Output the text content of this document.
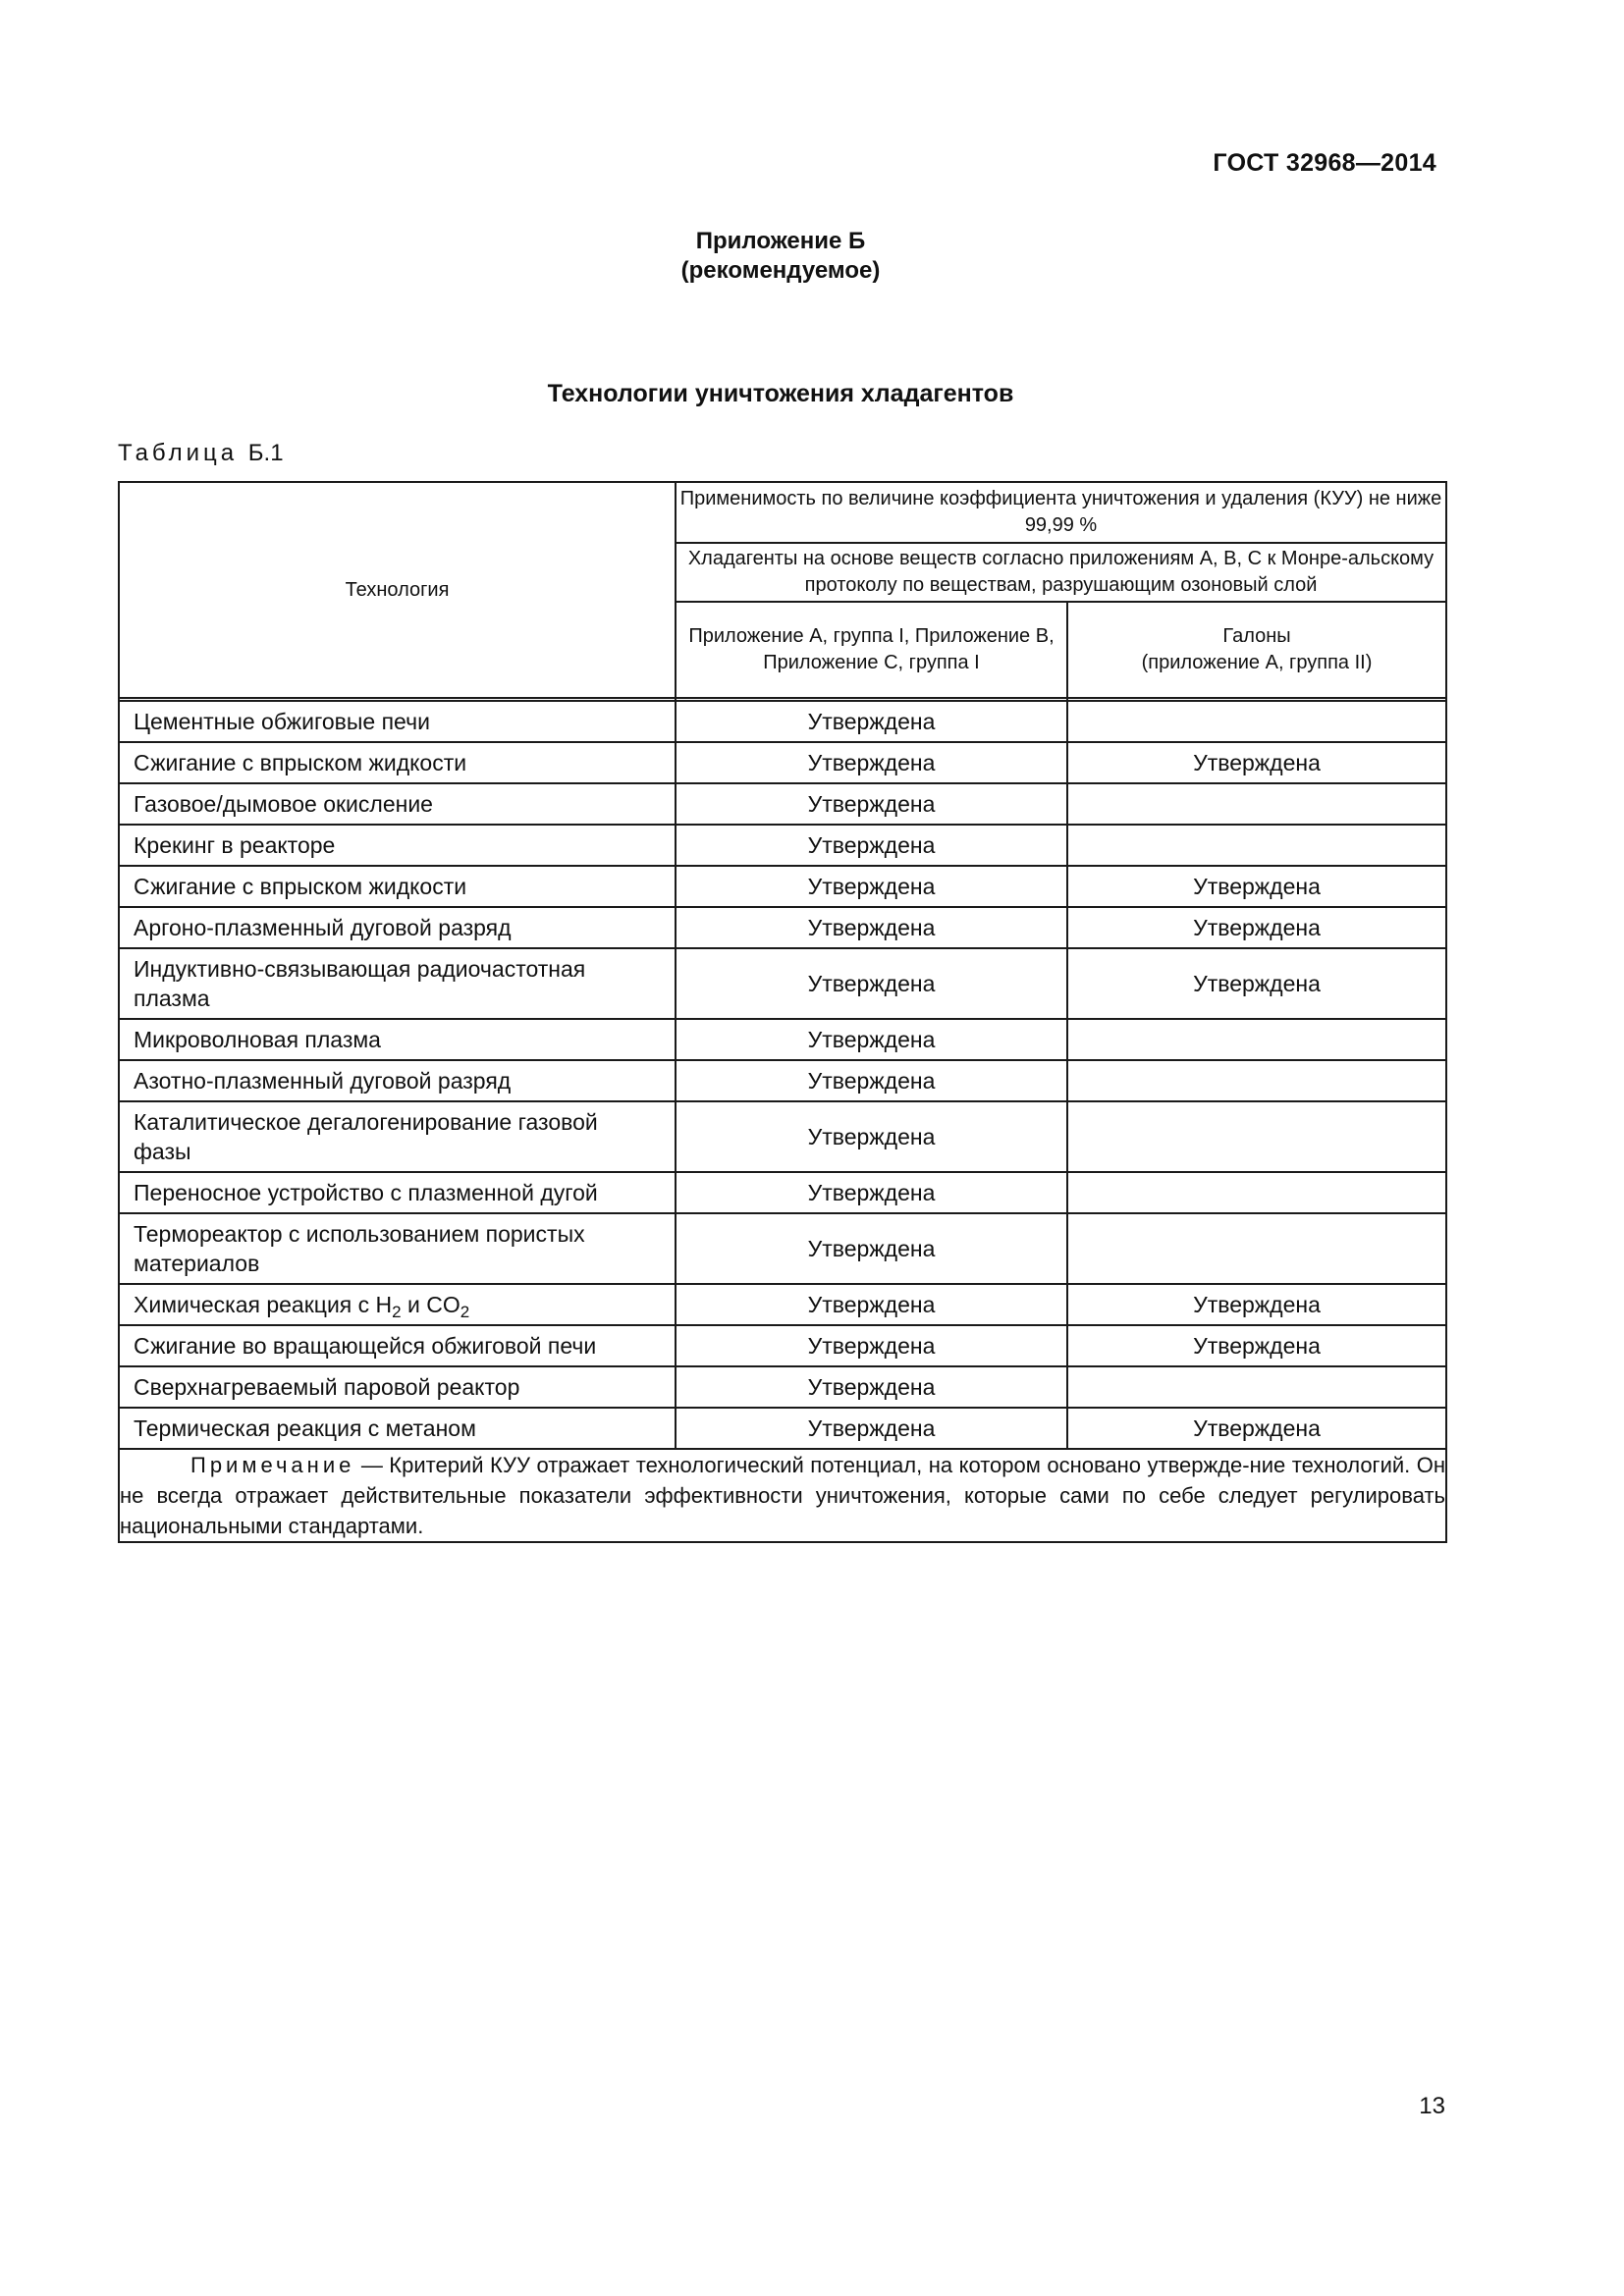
ГОСТ 32968—2014
Приложение Б
(рекомендуемое)
Технологии уничтожения хладагентов
Таблица Б.1
Технология	Применимость по величине коэффициента уничтожения и удаления (КУУ) не ниже 99,99 %	
	Хладагенты на основе веществ согласно приложениям А, В, С к Монре-альскому протоколу по веществам, разрушающим озоновый слой	
	Приложение А, группа I, Приложение В, Приложение С, группа I	Галоны
(приложение А, группа II)

Цементные обжиговые печи	Утверждена	
Сжигание с впрыском жидкости	Утверждена	Утверждена
Газовое/дымовое окисление	Утверждена	
Крекинг в реакторе	Утверждена	
Сжигание с впрыском жидкости	Утверждена	Утверждена
Аргоно-плазменный дуговой разряд	Утверждена	Утверждена
Индуктивно-связывающая радиочастотная плазма	Утверждена	Утверждена
Микроволновая плазма	Утверждена	
Азотно-плазменный дуговой разряд	Утверждена	
Каталитическое дегалогенирование газовой фазы	Утверждена	
Переносное устройство с плазменной дугой	Утверждена	
Термореактор с использованием пористых материалов	Утверждена	
Химическая реакция с $H_2$ и $CO_2$	Утверждена	Утверждена
Сжигание во вращающейся обжиговой печи	Утверждена	Утверждена
Сверхнагреваемый паровой реактор	Утверждена	
Термическая реакция с метаном	Утверждена	Утверждена
Примечание — Критерий КУУ отражает технологический потенциал, на котором основано утвержде-ние технологий. Он не всегда отражает действительные показатели эффективности уничтожения, которые сами по себе следует регулировать национальными стандартами.		
13
